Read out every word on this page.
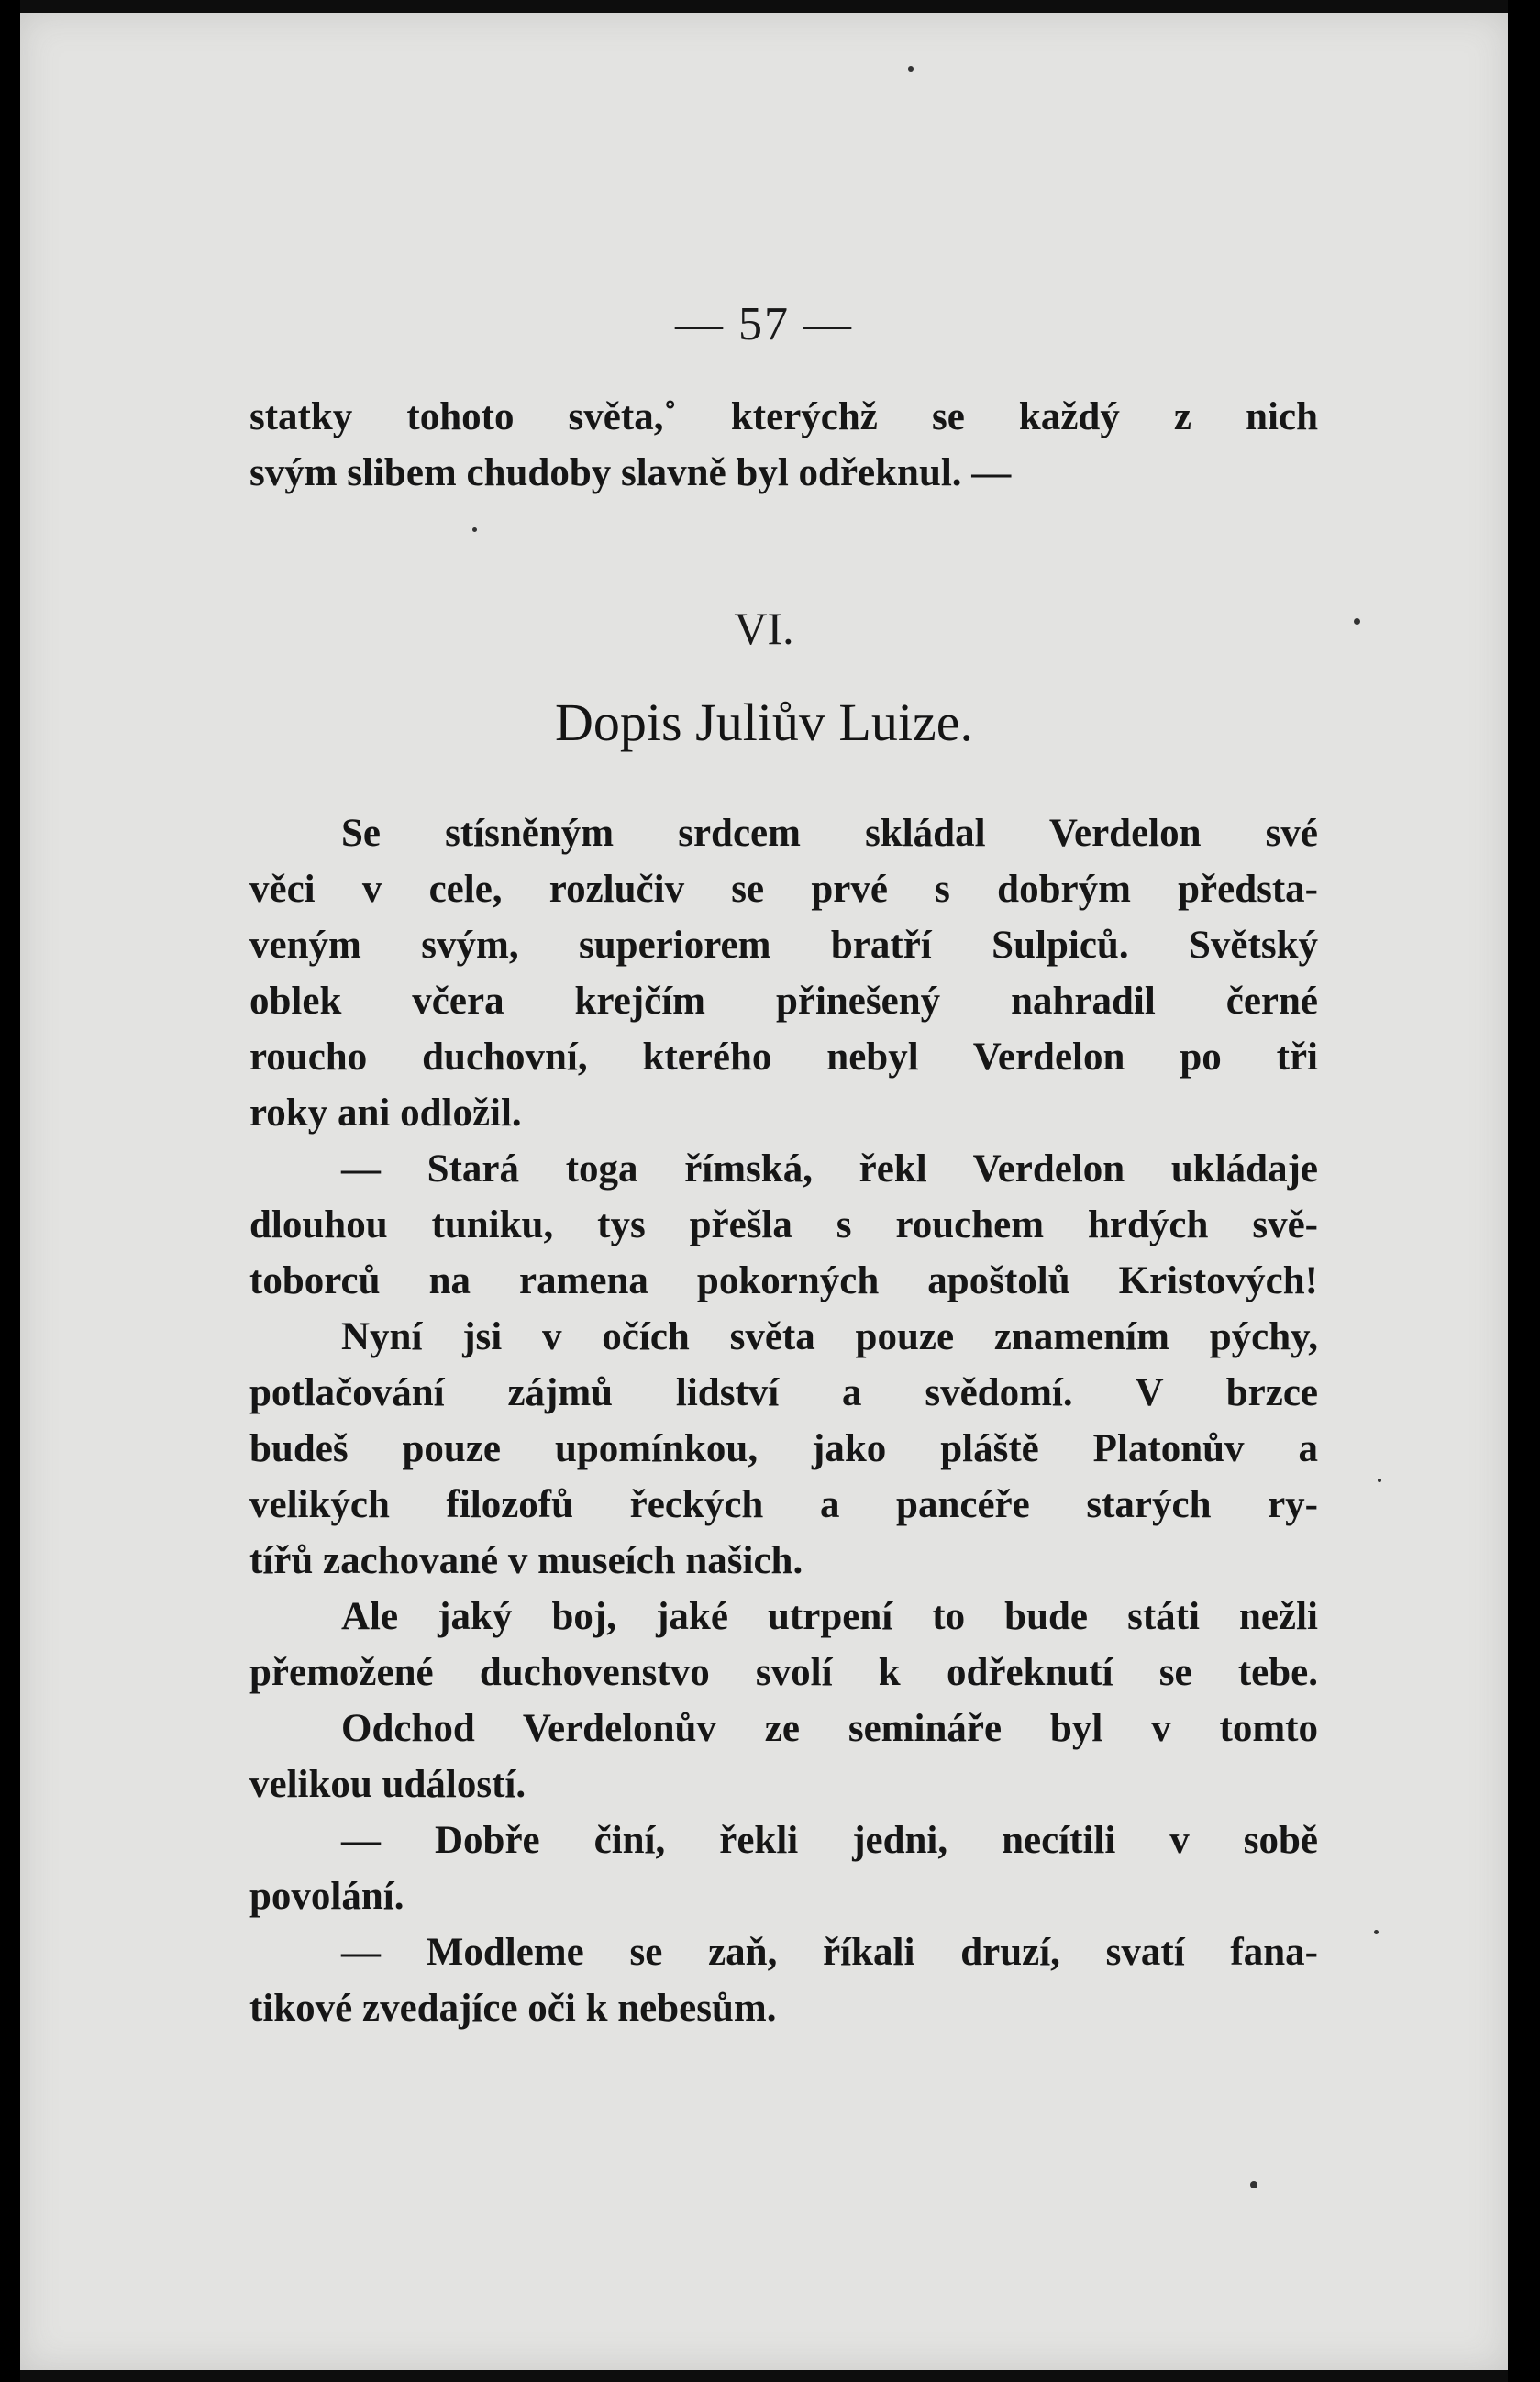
— 57 —
statky tohoto světa,˚ kterýchž se každý z nich
svým slibem chudoby slavně byl odřeknul. —
VI.
Dopis Juliův Luize.
Se stísněným srdcem skládal Verdelon své
věci v cele, rozlučiv se prvé s dobrým předsta-
veným svým, superiorem bratří Sulpiců. Světský
oblek včera krejčím přinešený nahradil černé
roucho duchovní, kterého nebyl Verdelon po tři
roky ani odložil.
— Stará toga římská, řekl Verdelon ukládaje
dlouhou tuniku, tys přešla s rouchem hrdých svě-
toborců na ramena pokorných apoštolů Kristových!
Nyní jsi v očích světa pouze znamením pýchy,
potlačování zájmů lidství a svědomí. V brzce
budeš pouze upomínkou, jako pláště Platonův a
velikých filozofů řeckých a pancéře starých ry-
tířů zachované v museích našich.
Ale jaký boj, jaké utrpení to bude státi nežli
přemožené duchovenstvo svolí k odřeknutí se tebe.
Odchod Verdelonův ze semináře byl v tomto
velikou událostí.
— Dobře činí, řekli jedni, necítili v sobě
povolání.
— Modleme se zaň, říkali druzí, svatí fana-
tikové zvedajíce oči k nebesům.
